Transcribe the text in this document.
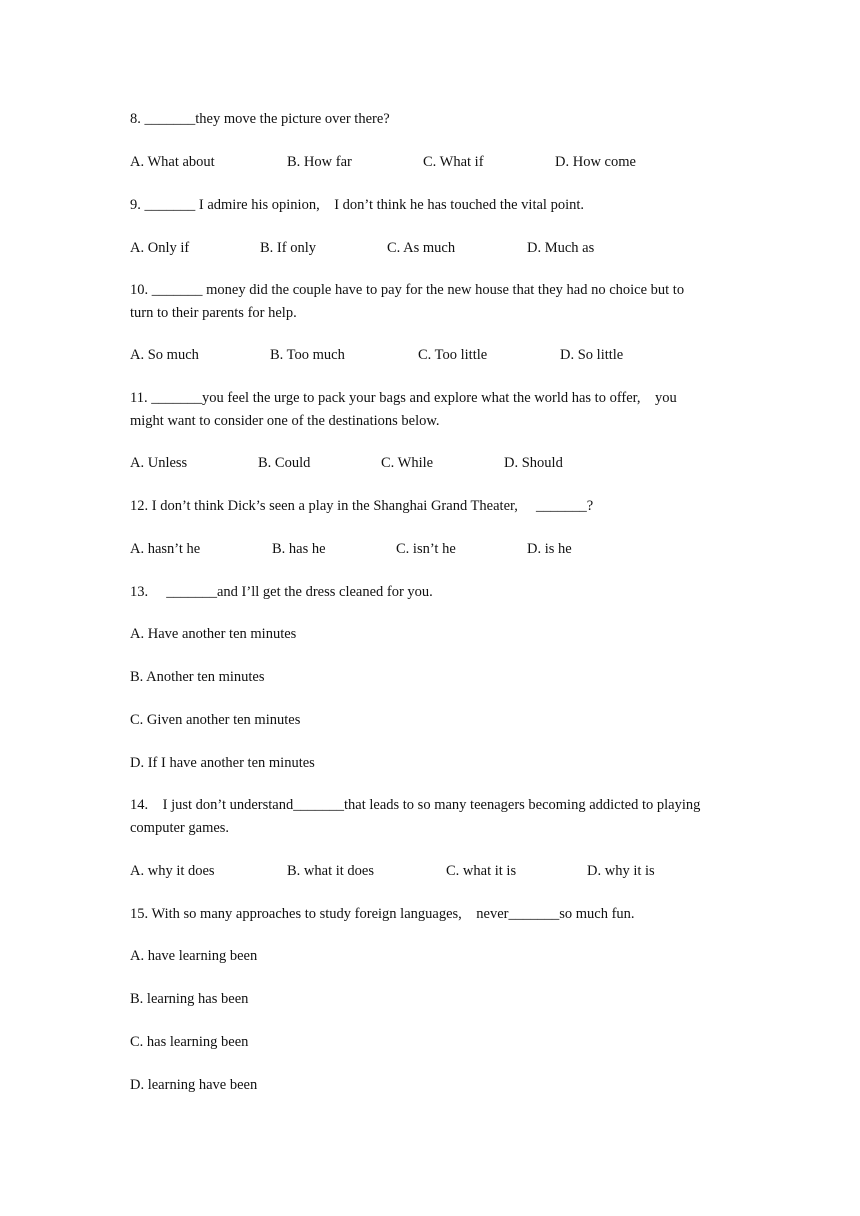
8. _______they move the picture over there?
A. What about	B. How far	C. What if	D. How come
9. _______ I admire his opinion,    I don’t think he has touched the vital point.
A. Only if	B. If only	C. As much	D. Much as
10. _______ money did the couple have to pay for the new house that they had no choice but to
turn to their parents for help.
A. So much	B. Too much	C. Too little	D. So little
11. _______you feel the urge to pack your bags and explore what the world has to offer,    you
might want to consider one of the destinations below.
A. Unless	B. Could	C. While	D. Should
12. I don’t think Dick’s seen a play in the Shanghai Grand Theater,     _______?
A. hasn’t he	B. has he	C. isn’t he	D. is he
13.     _______and I’ll get the dress cleaned for you.
A. Have another ten minutes
B. Another ten minutes
C. Given another ten minutes
D. If I have another ten minutes
14.    I just don’t understand_______that leads to so many teenagers becoming addicted to playing
computer games.
A. why it does	B. what it does	C. what it is	D. why it is
15. With so many approaches to study foreign languages,    never_______so much fun.
A. have learning been
B. learning has been
C. has learning been
D. learning have been
